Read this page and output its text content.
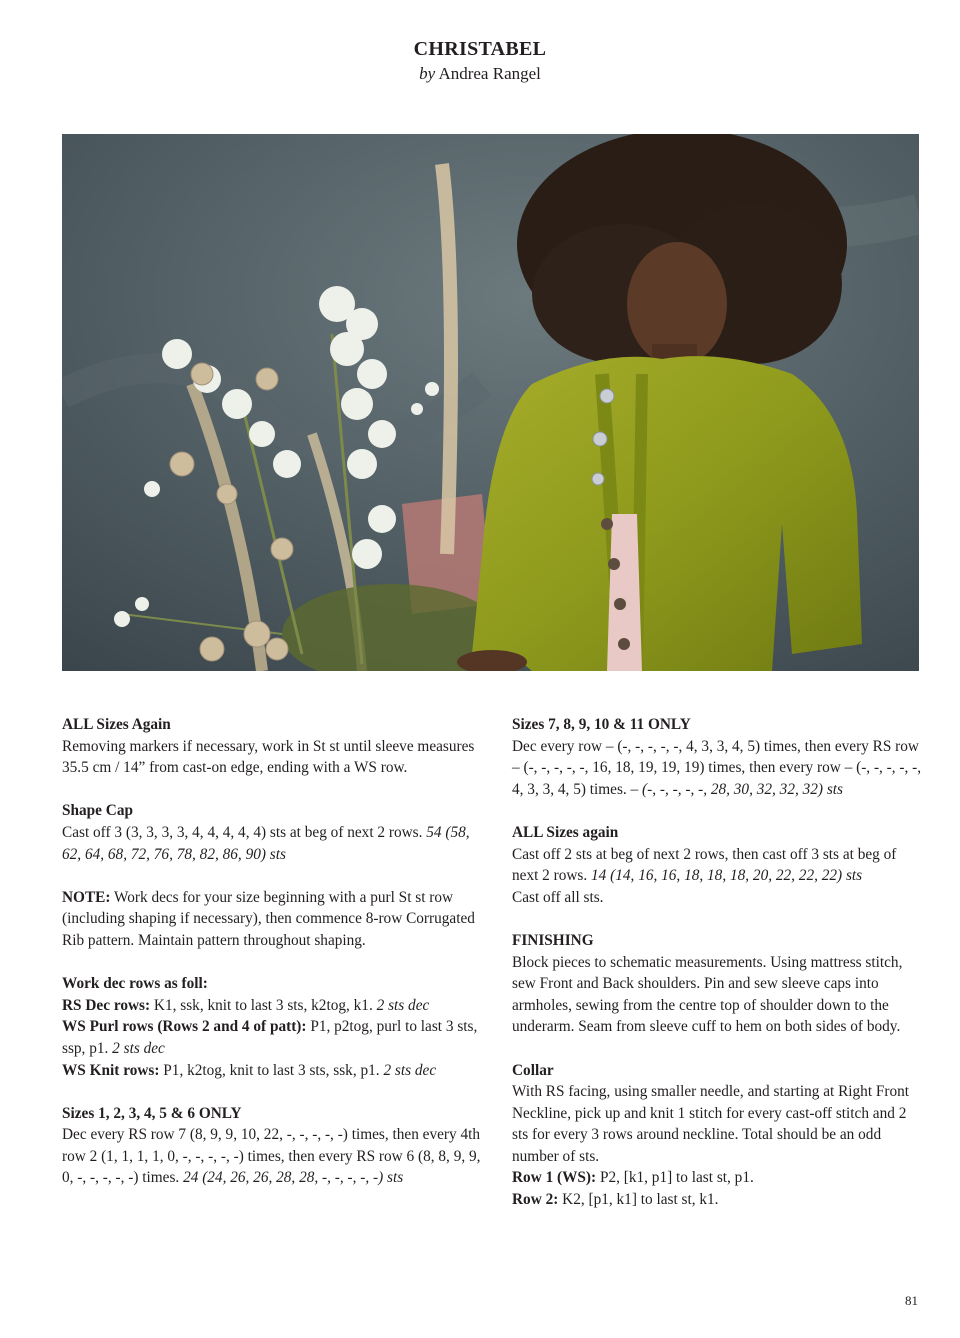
CHRISTABEL

by Andrea Rangel

ALL Sizes Again

Removing markers if necessary, work in St st until sleeve measures 35.5 cm / 14” from cast-on edge, ending with a WS row.

Shape Cap

Cast off 3 (3, 3, 3, 3, 4, 4, 4, 4, 4) sts at beg of next 2 rows. 54 (58, 62, 64, 68, 72, 76, 78, 82, 86, 90) sts

NOTE: Work decs for your size beginning with a purl St st row (including shaping if necessary), then commence 8-row Corrugated Rib pattern. Maintain pattern throughout shaping.

Work dec rows as foll:

RS Dec rows: K1, ssk, knit to last 3 sts, k2tog, k1. 2 sts dec

WS Purl rows (Rows 2 and 4 of patt): P1, p2tog, purl to last 3 sts, ssp, p1. 2 sts dec

WS Knit rows: P1, k2tog, knit to last 3 sts, ssk, p1. 2 sts dec

Sizes 1, 2, 3, 4, 5 & 6 ONLY

Dec every RS row 7 (8, 9, 9, 10, 22, -, -, -, -, -) times, then every 4th row 2 (1, 1, 1, 1, 0, -, -, -, -, -) times, then every RS row 6 (8, 8, 9, 9, 0, -, -, -, -, -) times. 24 (24, 26, 26, 28, 28, -, -, -, -, -) sts

Sizes 7, 8, 9, 10 & 11 ONLY

Dec every row – (-, -, -, -, -, 4, 3, 3, 4, 5) times, then every RS row – (-, -, -, -, -, 16, 18, 19, 19, 19) times, then every row – (-, -, -, -, -, 4, 3, 3, 4, 5) times. – (-, -, -, -, -, 28, 30, 32, 32, 32) sts

ALL Sizes again

Cast off 2 sts at beg of next 2 rows, then cast off 3 sts at beg of next 2 rows. 14 (14, 16, 16, 18, 18, 18, 20, 22, 22, 22) sts

Cast off all sts.

FINISHING

Block pieces to schematic measurements. Using mattress stitch, sew Front and Back shoulders. Pin and sew sleeve caps into armholes, sewing from the centre top of shoulder down to the underarm. Seam from sleeve cuff to hem on both sides of body.

Collar

With RS facing, using smaller needle, and starting at Right Front Neckline, pick up and knit 1 stitch for every cast-off stitch and 2 sts for every 3 rows around neckline. Total should be an odd number of sts.

Row 1 (WS): P2, [k1, p1] to last st, p1.

Row 2: K2, [p1, k1] to last st, k1.

81
